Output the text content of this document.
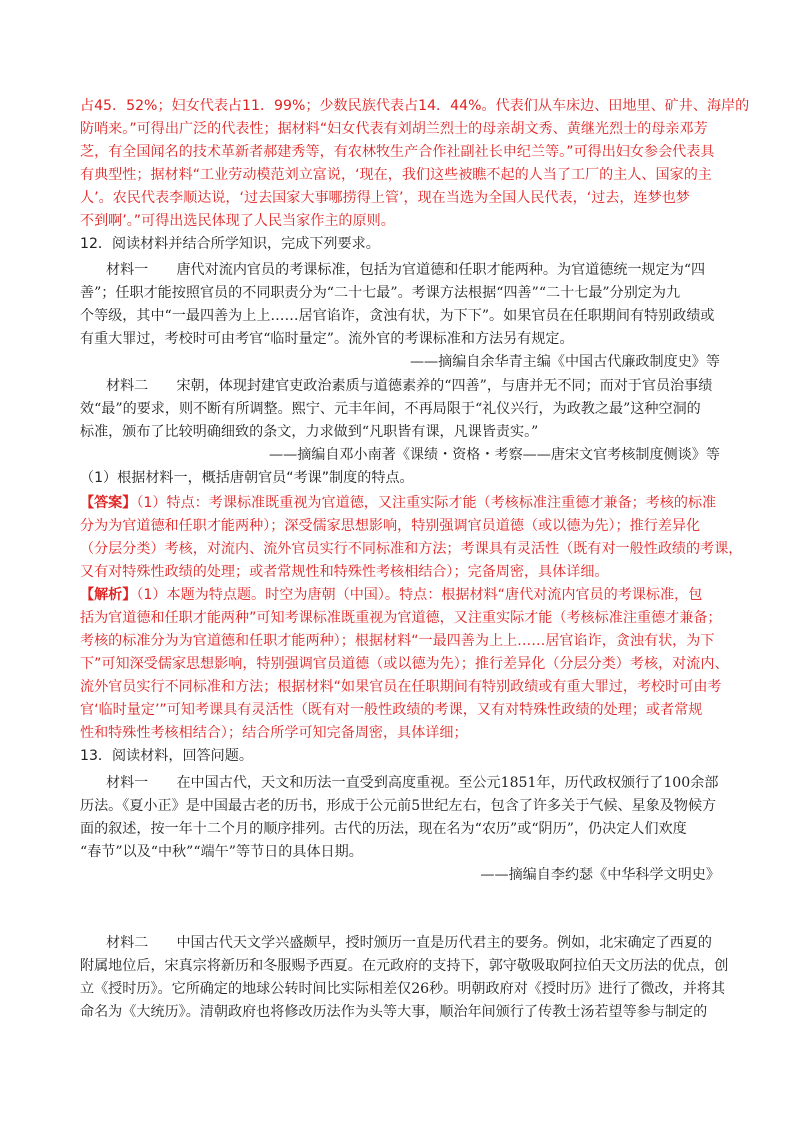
占45．52%；妇女代表占11．99%；少数民族代表占14．44%。代表们从车床边、田地里、矿井、海岸的
防哨来。”可得出广泛的代表性；据材料“妇女代表有刘胡兰烈士的母亲胡文秀、黄继光烈士的母亲邓芳
芝，有全国闻名的技术革新者郝建秀等，有农林牧生产合作社副社长申纪兰等。”可得出妇女参会代表具
有典型性；据材料“工业劳动模范刘立富说，‘现在，我们这些被瞧不起的人当了工厂的主人、国家的主
人’。农民代表李顺达说，‘过去国家大事哪捞得上管’，现在当选为全国人民代表，‘过去，连梦也梦
不到啊’。”可得出选民体现了人民当家作主的原则。
12．阅读材料并结合所学知识，完成下列要求。
材料一　　唐代对流内官员的考课标准，包括为官道德和任职才能两种。为官道德统一规定为“四
善”；任职才能按照官员的不同职责分为“二十七最”。考课方法根据“四善”“二十七最”分别定为九
个等级，其中“一最四善为上上……居官谄诈，贪浊有状，为下下”。如果官员在任职期间有特别政绩或
有重大罪过，考校时可由考官“临时量定”。流外官的考课标准和方法另有规定。
——摘编自余华青主编《中国古代廉政制度史》等
材料二　　宋朝，体现封建官吏政治素质与道德素养的“四善”，与唐并无不同；而对于官员治事绩
效“最”的要求，则不断有所调整。熙宁、元丰年间，不再局限于“礼仪兴行，为政教之最”这种空洞的
标准，颁布了比较明确细致的条文，力求做到“凡职皆有课，凡课皆责实。”
——摘编自邓小南著《课绩・资格・考察——唐宋文官考核制度侧谈》等
（1）根据材料一，概括唐朝官员“考课”制度的特点。
【答案】（1）特点：考课标准既重视为官道德，又注重实际才能（考核标准注重德才兼备；考核的标准
分为为官道德和任职才能两种）；深受儒家思想影响，特别强调官员道德（或以德为先）；推行差异化
（分层分类）考核，对流内、流外官员实行不同标准和方法；考课具有灵活性（既有对一般性政绩的考课，
又有对特殊性政绩的处理；或者常规性和特殊性考核相结合）；完备周密，具体详细。
【解析】（1）本题为特点题。时空为唐朝（中国）。特点：根据材料“唐代对流内官员的考课标准，包
括为官道德和任职才能两种”可知考课标准既重视为官道德，又注重实际才能（考核标准注重德才兼备；
考核的标准分为为官道德和任职才能两种）；根据材料“一最四善为上上……居官谄诈，贪浊有状，为下
下”可知深受儒家思想影响，特别强调官员道德（或以德为先）；推行差异化（分层分类）考核，对流内、
流外官员实行不同标准和方法；根据材料“如果官员在任职期间有特别政绩或有重大罪过，考校时可由考
官‘临时量定’”可知考课具有灵活性（既有对一般性政绩的考课，又有对特殊性政绩的处理；或者常规
性和特殊性考核相结合）；结合所学可知完备周密，具体详细；
13．阅读材料，回答问题。
材料一　　在中国古代，天文和历法一直受到高度重视。至公元1851年，历代政权颁行了100余部
历法。《夏小正》是中国最古老的历书，形成于公元前5世纪左右，包含了许多关于气候、星象及物候方
面的叙述，按一年十二个月的顺序排列。古代的历法，现在名为“农历”或“阴历”，仍决定人们欢度
“春节”以及“中秋”“端午”等节日的具体日期。
——摘编自李约瑟《中华科学文明史》
材料二　　中国古代天文学兴盛颇早，授时颁历一直是历代君主的要务。例如，北宋确定了西夏的
附属地位后，宋真宗将新历和冬服赐予西夏。在元政府的支持下，郭守敬吸取阿拉伯天文历法的优点，创
立《授时历》。它所确定的地球公转时间比实际相差仅26秒。明朝政府对《授时历》进行了微改，并将其
命名为《大统历》。清朝政府也将修改历法作为头等大事，顺治年间颁行了传教士汤若望等参与制定的
